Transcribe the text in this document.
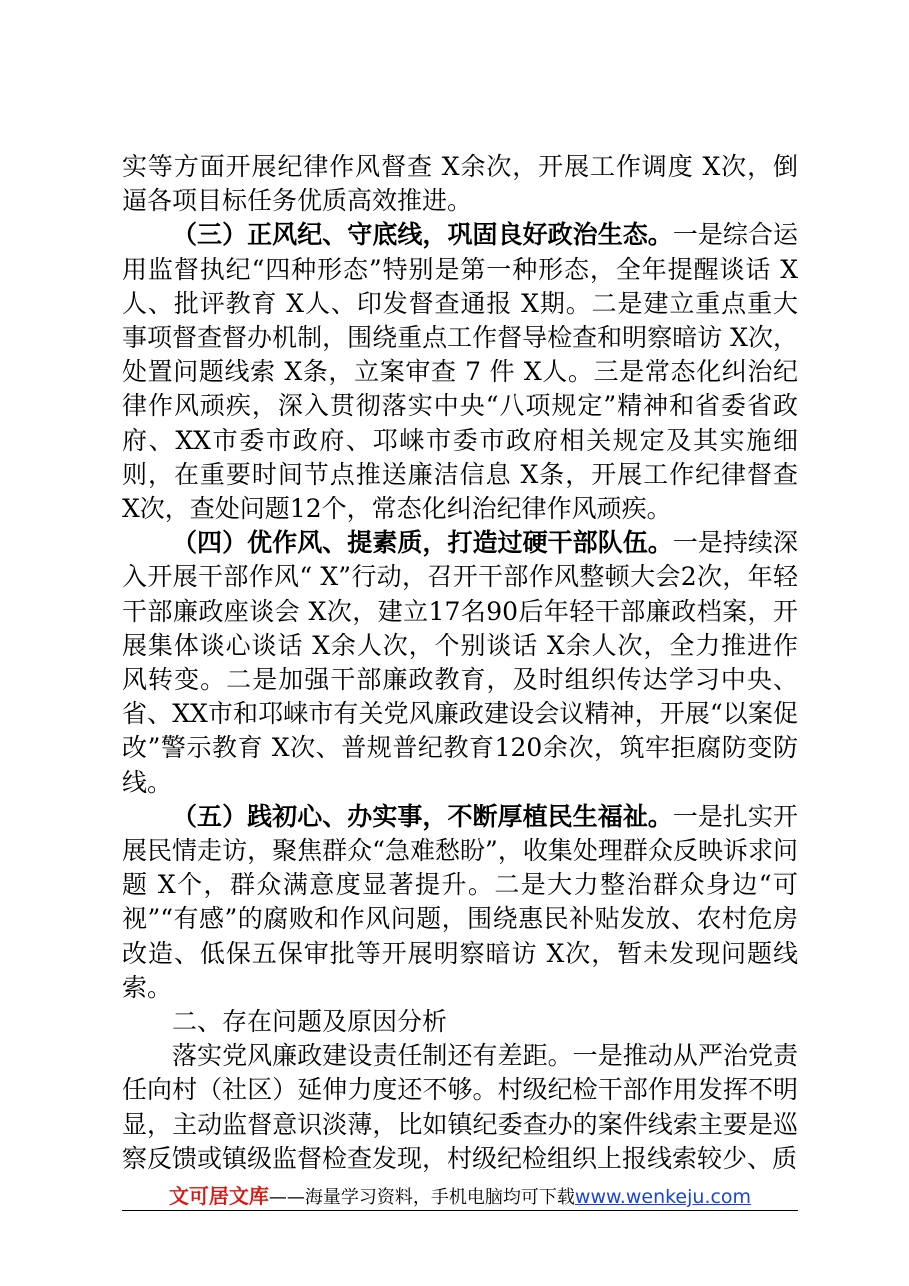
实等方面开展纪律作风督查 X余次，开展工作调度 X次，倒逼各项目标任务优质高效推进。

（三）正风纪、守底线，巩固良好政治生态。一是综合运用监督执纪“四种形态”特别是第一种形态，全年提醒谈话 X人、批评教育 X人、印发督查通报 X期。二是建立重点重大事项督查督办机制，围绕重点工作督导检查和明察暗访 X次，处置问题线索 X条，立案审查 7 件 X人。三是常态化纠治纪律作风顽疾，深入贯彻落实中央“八项规定”精神和省委省政府、XX市委市政府、邛崃市委市政府相关规定及其实施细则，在重要时间节点推送廉洁信息 X条，开展工作纪律督查 X次，查处问题12个，常态化纠治纪律作风顽疾。

（四）优作风、提素质，打造过硬干部队伍。一是持续深入开展干部作风“ X”行动，召开干部作风整顿大会2次，年轻干部廉政座谈会 X次，建立17名90后年轻干部廉政档案，开展集体谈心谈话 X余人次，个别谈话 X余人次，全力推进作风转变。二是加强干部廉政教育，及时组织传达学习中央、省、XX市和邛崃市有关党风廉政建设会议精神，开展“以案促改”警示教育 X次、普规普纪教育120余次，筑牢拒腐防变防线。

（五）践初心、办实事，不断厚植民生福祉。一是扎实开展民情走访，聚焦群众“急难愁盼”，收集处理群众反映诉求问题 X个，群众满意度显著提升。二是大力整治群众身边“可视”“有感”的腐败和作风问题，围绕惠民补贴发放、农村危房改造、低保五保审批等开展明察暗访 X次，暂未发现问题线索。

二、存在问题及原因分析

落实党风廉政建设责任制还有差距。一是推动从严治党责任向村（社区）延伸力度还不够。村级纪检干部作用发挥不明显，主动监督意识淡薄，比如镇纪委查办的案件线索主要是巡察反馈或镇级监督检查发现，村级纪检组织上报线索较少、质

文可居文库——海量学习资料，手机电脑均可下载www.wenkeju.com
